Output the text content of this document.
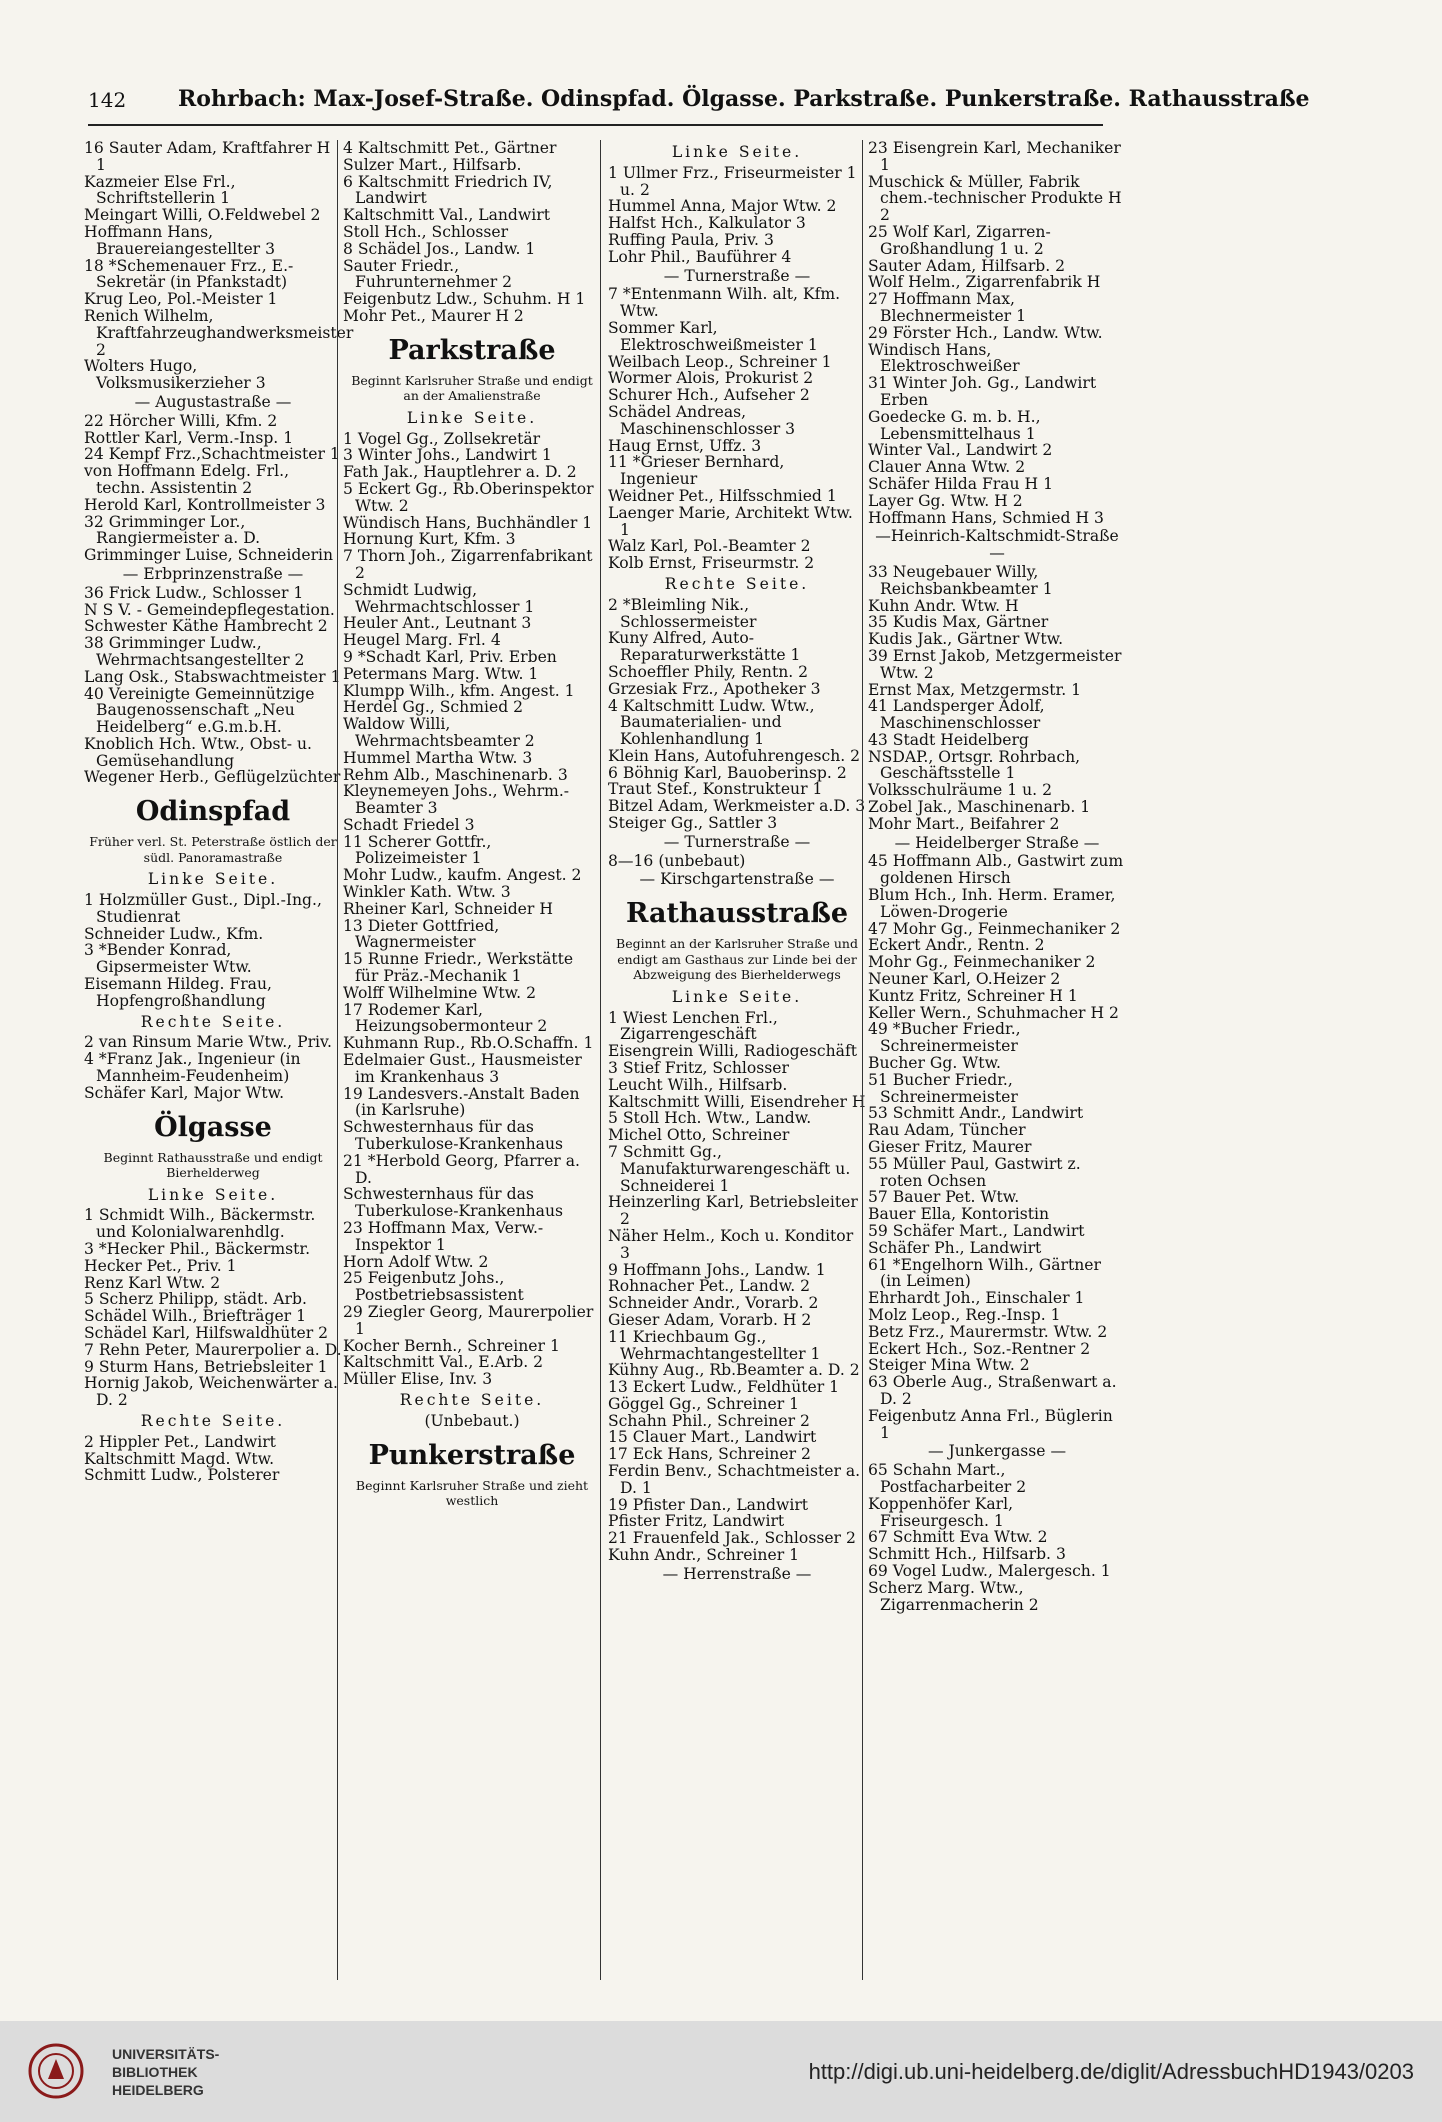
142 Rohrbach: Max-Josef-Straße. Odinspfad. Ölgasse. Parkstraße. Punkerstraße. Rathausstraße
16 Sauter Adam, Kraftfahrer H 1
Kazmeier Else Frl., Schriftstellerin 1
Meingart Willi, O.Feldwebel 2
Hoffmann Hans, Brauereiangestellter 3
18 *Schemenauer Frz., E.-Sekretär (in Pfankstadt)
Krug Leo, Pol.-Meister 1
Renich Wilhelm, Kraftfahrzeughandwerksmeister 2
Wolters Hugo, Volksmusikerzieher 3
— Augustastraße —
22 Hörcher Willi, Kfm. 2
Rottler Karl, Verm.-Insp. 1
24 Kempf Frz.,Schachtmeister 1
von Hoffmann Edelg. Frl., techn. Assistentin 2
Herold Karl, Kontrollmeister 3
32 Grimminger Lor., Rangiermeister a. D.
Grimminger Luise, Schneiderin
— Erbprinzenstraße —
36 Frick Ludw., Schlosser 1
N S V. - Gemeindepflegestation.
Schwester Käthe Hambrecht 2
38 Grimminger Ludw., Wehrmachtsangestellter 2
Lang Osk., Stabswachtmeister 1
40 Vereinigte Gemeinnützige Baugenossenschaft „Neu Heidelberg“ e.G.m.b.H.
Knoblich Hch. Wtw., Obst- u. Gemüsehandlung
Wegener Herb., Geflügelzüchter
Odinspfad
Früher verl. St. Peterstraße östlich der südl. Panoramastraße
Linke Seite.
1 Holzmüller Gust., Dipl.-Ing., Studienrat
Schneider Ludw., Kfm.
3 *Bender Konrad, Gipsermeister Wtw.
Eisemann Hildeg. Frau, Hopfengroßhandlung
Rechte Seite.
2 van Rinsum Marie Wtw., Priv.
4 *Franz Jak., Ingenieur (in Mannheim-Feudenheim)
Schäfer Karl, Major Wtw.
Ölgasse
Beginnt Rathausstraße und endigt Bierhelderweg
Linke Seite.
1 Schmidt Wilh., Bäckermstr. und Kolonialwarenhdlg.
3 *Hecker Phil., Bäckermstr.
Hecker Pet., Priv. 1
Renz Karl Wtw. 2
5 Scherz Philipp, städt. Arb.
Schädel Wilh., Briefträger 1
Schädel Karl, Hilfswaldhüter 2
7 Rehn Peter, Maurerpolier a. D.
9 Sturm Hans, Betriebsleiter 1
Hornig Jakob, Weichenwärter a. D. 2
Rechte Seite.
2 Hippler Pet., Landwirt
Kaltschmitt Magd. Wtw.
Schmitt Ludw., Polsterer
4 Kaltschmitt Pet., Gärtner
Sulzer Mart., Hilfsarb.
6 Kaltschmitt Friedrich IV, Landwirt
Kaltschmitt Val., Landwirt
Stoll Hch., Schlosser
8 Schädel Jos., Landw. 1
Sauter Friedr., Fuhrunternehmer 2
Feigenbutz Ldw., Schuhm. H 1
Mohr Pet., Maurer H 2
Parkstraße
Beginnt Karlsruher Straße und endigt an der Amalienstraße
Linke Seite.
1 Vogel Gg., Zollsekretär
3 Winter Johs., Landwirt 1
Fath Jak., Hauptlehrer a. D. 2
5 Eckert Gg., Rb.Oberinspektor Wtw. 2
Wündisch Hans, Buchhändler 1
Hornung Kurt, Kfm. 3
7 Thorn Joh., Zigarrenfabrikant 2
Schmidt Ludwig, Wehrmachtschlosser 1
Heuler Ant., Leutnant 3
Heugel Marg. Frl. 4
9 *Schadt Karl, Priv. Erben
Petermans Marg. Wtw. 1
Klumpp Wilh., kfm. Angest. 1
Herdel Gg., Schmied 2
Waldow Willi, Wehrmachtsbeamter 2
Hummel Martha Wtw. 3
Rehm Alb., Maschinenarb. 3
Kleynemeyen Johs., Wehrm.-Beamter 3
Schadt Friedel 3
11 Scherer Gottfr., Polizeimeister 1
Mohr Ludw., kaufm. Angest. 2
Winkler Kath. Wtw. 3
Rheiner Karl, Schneider H
13 Dieter Gottfried, Wagnermeister
15 Runne Friedr., Werkstätte für Präz.-Mechanik 1
Wolff Wilhelmine Wtw. 2
17 Rodemer Karl, Heizungsobermonteur 2
Kuhmann Rup., Rb.O.Schaffn. 1
Edelmaier Gust., Hausmeister im Krankenhaus 3
19 Landesvers.-Anstalt Baden (in Karlsruhe)
Schwesternhaus für das Tuberkulose-Krankenhaus
21 *Herbold Georg, Pfarrer a. D.
Schwesternhaus für das Tuberkulose-Krankenhaus
23 Hoffmann Max, Verw.-Inspektor 1
Horn Adolf Wtw. 2
25 Feigenbutz Johs., Postbetriebsassistent
29 Ziegler Georg, Maurerpolier 1
Kocher Bernh., Schreiner 1
Kaltschmitt Val., E.Arb. 2
Müller Elise, Inv. 3
Rechte Seite.
(Unbebaut.)
Punkerstraße
Beginnt Karlsruher Straße und zieht westlich
Linke Seite.
1 Ullmer Frz., Friseurmeister 1 u. 2
Hummel Anna, Major Wtw. 2
Halfst Hch., Kalkulator 3
Ruffing Paula, Priv. 3
Lohr Phil., Bauführer 4
— Turnerstraße —
7 *Entenmann Wilh. alt, Kfm. Wtw.
Sommer Karl, Elektroschweißmeister 1
Weilbach Leop., Schreiner 1
Wormer Alois, Prokurist 2
Schurer Hch., Aufseher 2
Schädel Andreas, Maschinenschlosser 3
Haug Ernst, Uffz. 3
11 *Grieser Bernhard, Ingenieur
Weidner Pet., Hilfsschmied 1
Laenger Marie, Architekt Wtw. 1
Walz Karl, Pol.-Beamter 2
Kolb Ernst, Friseurmstr. 2
Rechte Seite.
2 *Bleimling Nik., Schlossermeister
Kuny Alfred, Auto-Reparaturwerkstätte 1
Schoeffler Phily, Rentn. 2
Grzesiak Frz., Apotheker 3
4 Kaltschmitt Ludw. Wtw., Baumaterialien- und Kohlenhandlung 1
Klein Hans, Autofuhrengesch. 2
6 Böhnig Karl, Bauoberinsp. 2
Traut Stef., Konstrukteur 1
Bitzel Adam, Werkmeister a.D. 3
Steiger Gg., Sattler 3
— Turnerstraße —
8—16 (unbebaut)
— Kirschgartenstraße —
Rathausstraße
Beginnt an der Karlsruher Straße und endigt am Gasthaus zur Linde bei der Abzweigung des Bierhelderwegs
Linke Seite.
1 Wiest Lenchen Frl., Zigarrengeschäft
Eisengrein Willi, Radiogeschäft
3 Stief Fritz, Schlosser
Leucht Wilh., Hilfsarb.
Kaltschmitt Willi, Eisendreher H
5 Stoll Hch. Wtw., Landw.
Michel Otto, Schreiner
7 Schmitt Gg., Manufakturwarengeschäft u. Schneiderei 1
Heinzerling Karl, Betriebsleiter 2
Näher Helm., Koch u. Konditor 3
9 Hoffmann Johs., Landw. 1
Rohnacher Pet., Landw. 2
Schneider Andr., Vorarb. 2
Gieser Adam, Vorarb. H 2
11 Kriechbaum Gg., Wehrmachtangestellter 1
Kühny Aug., Rb.Beamter a. D. 2
13 Eckert Ludw., Feldhüter 1
Göggel Gg., Schreiner 1
Schahn Phil., Schreiner 2
15 Clauer Mart., Landwirt
17 Eck Hans, Schreiner 2
Ferdin Benv., Schachtmeister a. D. 1
19 Pfister Dan., Landwirt
Pfister Fritz, Landwirt
21 Frauenfeld Jak., Schlosser 2
Kuhn Andr., Schreiner 1
— Herrenstraße —
23 Eisengrein Karl, Mechaniker 1
Muschick & Müller, Fabrik chem.-technischer Produkte H 2
25 Wolf Karl, Zigarren-Großhandlung 1 u. 2
Sauter Adam, Hilfsarb. 2
Wolf Helm., Zigarrenfabrik H
27 Hoffmann Max, Blechnermeister 1
29 Förster Hch., Landw. Wtw.
Windisch Hans, Elektroschweißer
31 Winter Joh. Gg., Landwirt Erben
Goedecke G. m. b. H., Lebensmittelhaus 1
Winter Val., Landwirt 2
Clauer Anna Wtw. 2
Schäfer Hilda Frau H 1
Layer Gg. Wtw. H 2
Hoffmann Hans, Schmied H 3
—Heinrich-Kaltschmidt-Straße—
33 Neugebauer Willy, Reichsbankbeamter 1
Kuhn Andr. Wtw. H
35 Kudis Max, Gärtner
Kudis Jak., Gärtner Wtw.
39 Ernst Jakob, Metzgermeister Wtw. 2
Ernst Max, Metzgermstr. 1
41 Landsperger Adolf, Maschinenschlosser
43 Stadt Heidelberg
NSDAP., Ortsgr. Rohrbach, Geschäftsstelle 1
Volksschulräume 1 u. 2
Zobel Jak., Maschinenarb. 1
Mohr Mart., Beifahrer 2
— Heidelberger Straße —
45 Hoffmann Alb., Gastwirt zum goldenen Hirsch
Blum Hch., Inh. Herm. Eramer, Löwen-Drogerie
47 Mohr Gg., Feinmechaniker 2
Eckert Andr., Rentn. 2
Mohr Gg., Feinmechaniker 2
Neuner Karl, O.Heizer 2
Kuntz Fritz, Schreiner H 1
Keller Wern., Schuhmacher H 2
49 *Bucher Friedr., Schreinermeister
Bucher Gg. Wtw.
51 Bucher Friedr., Schreinermeister
53 Schmitt Andr., Landwirt
Rau Adam, Tüncher
Gieser Fritz, Maurer
55 Müller Paul, Gastwirt z. roten Ochsen
57 Bauer Pet. Wtw.
Bauer Ella, Kontoristin
59 Schäfer Mart., Landwirt
Schäfer Ph., Landwirt
61 *Engelhorn Wilh., Gärtner (in Leimen)
Ehrhardt Joh., Einschaler 1
Molz Leop., Reg.-Insp. 1
Betz Frz., Maurermstr. Wtw. 2
Eckert Hch., Soz.-Rentner 2
Steiger Mina Wtw. 2
63 Oberle Aug., Straßenwart a. D. 2
Feigenbutz Anna Frl., Büglerin 1
— Junkergasse —
65 Schahn Mart., Postfacharbeiter 2
Koppenhöfer Karl, Friseurgesch. 1
67 Schmitt Eva Wtw. 2
Schmitt Hch., Hilfsarb. 3
69 Vogel Ludw., Malergesch. 1
Scherz Marg. Wtw., Zigarrenmacherin 2
UNIVERSITÄTS-
BIBLIOTHEK
HEIDELBERG
http://digi.ub.uni-heidelberg.de/diglit/AdressbuchHD1943/0203
